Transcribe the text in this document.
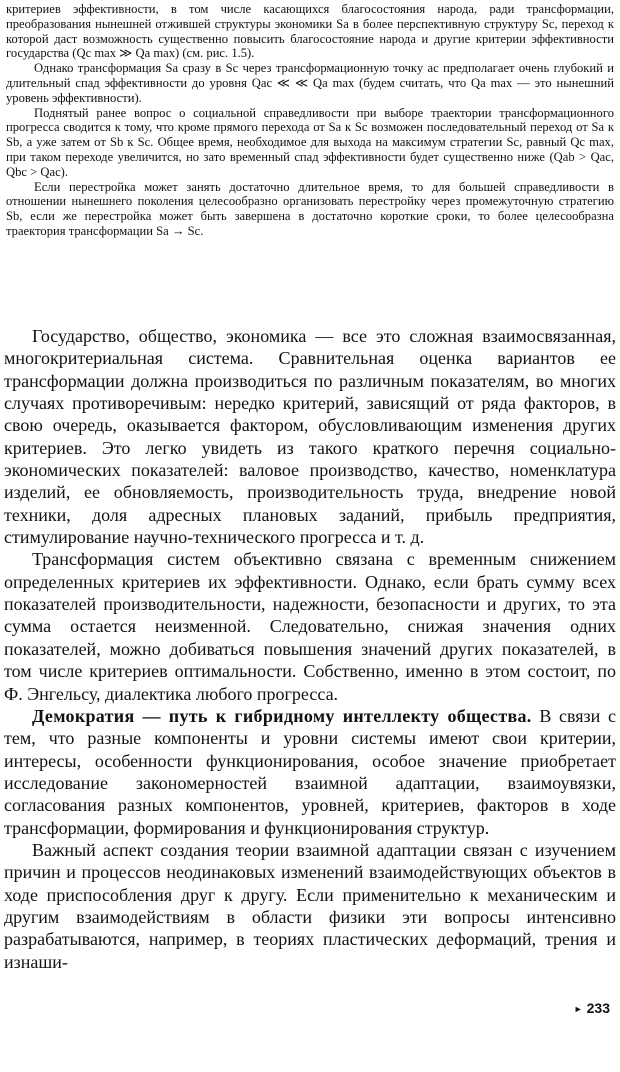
критериев эффективности, в том числе касающихся благосостояния народа, ради трансформации, преобразования нынешней отжившей структуры экономики Sa в более перспективную структуру Sc, переход к которой даст возможность существенно повысить благосостояние народа и другие критерии эффективности государства (Qc max ≫ Qa max) (см. рис. 1.5).

Однако трансформация Sa сразу в Sc через трансформационную точку ac предполагает очень глубокий и длительный спад эффективности до уровня Qac ≪ ≪ Qa max (будем считать, что Qa max — это нынешний уровень эффективности).

Поднятый ранее вопрос о социальной справедливости при выборе траектории трансформационного прогресса сводится к тому, что кроме прямого перехода от Sa к Sc возможен последовательный переход от Sa к Sb, а уже затем от Sb к Sc. Общее время, необходимое для выхода на максимум стратегии Sc, равный Qc max, при таком переходе увеличится, но зато временный спад эффективности будет существенно ниже (Qab > Qac, Qbc > Qac).

Если перестройка может занять достаточно длительное время, то для большей справедливости в отношении нынешнего поколения целесообразно организовать перестройку через промежуточную стратегию Sb, если же перестройка может быть завершена в достаточно короткие сроки, то более целесообразна траектория трансформации Sa → Sc.

Государство, общество, экономика — все это сложная взаимосвязанная, многокритериальная система. Сравнительная оценка вариантов ее трансформации должна производиться по различным показателям, во многих случаях противоречивым: нередко критерий, зависящий от ряда факторов, в свою очередь, оказывается фактором, обусловливающим изменения других критериев. Это легко увидеть из такого краткого перечня социально-экономических показателей: валовое производство, качество, номенклатура изделий, ее обновляемость, производительность труда, внедрение новой техники, доля адресных плановых заданий, прибыль предприятия, стимулирование научно-технического прогресса и т. д.

Трансформация систем объективно связана с временным снижением определенных критериев их эффективности. Однако, если брать сумму всех показателей производительности, надежности, безопасности и других, то эта сумма остается неизменной. Следовательно, снижая значения одних показателей, можно добиваться повышения значений других показателей, в том числе критериев оптимальности. Собственно, именно в этом состоит, по Ф. Энгельсу, диалектика любого прогресса.

Демократия — путь к гибридному интеллекту общества. В связи с тем, что разные компоненты и уровни системы имеют свои критерии, интересы, особенности функционирования, особое значение приобретает исследование закономерностей взаимной адаптации, взаимоувязки, согласования разных компонентов, уровней, критериев, факторов в ходе трансформации, формирования и функционирования структур.

Важный аспект создания теории взаимной адаптации связан с изучением причин и процессов неодинаковых изменений взаимодействующих объектов в ходе приспособления друг к другу. Если применительно к механическим и другим взаимодействиям в области физики эти вопросы интенсивно разрабатываются, например, в теориях пластических деформаций, трения и изнаши-

► 233
